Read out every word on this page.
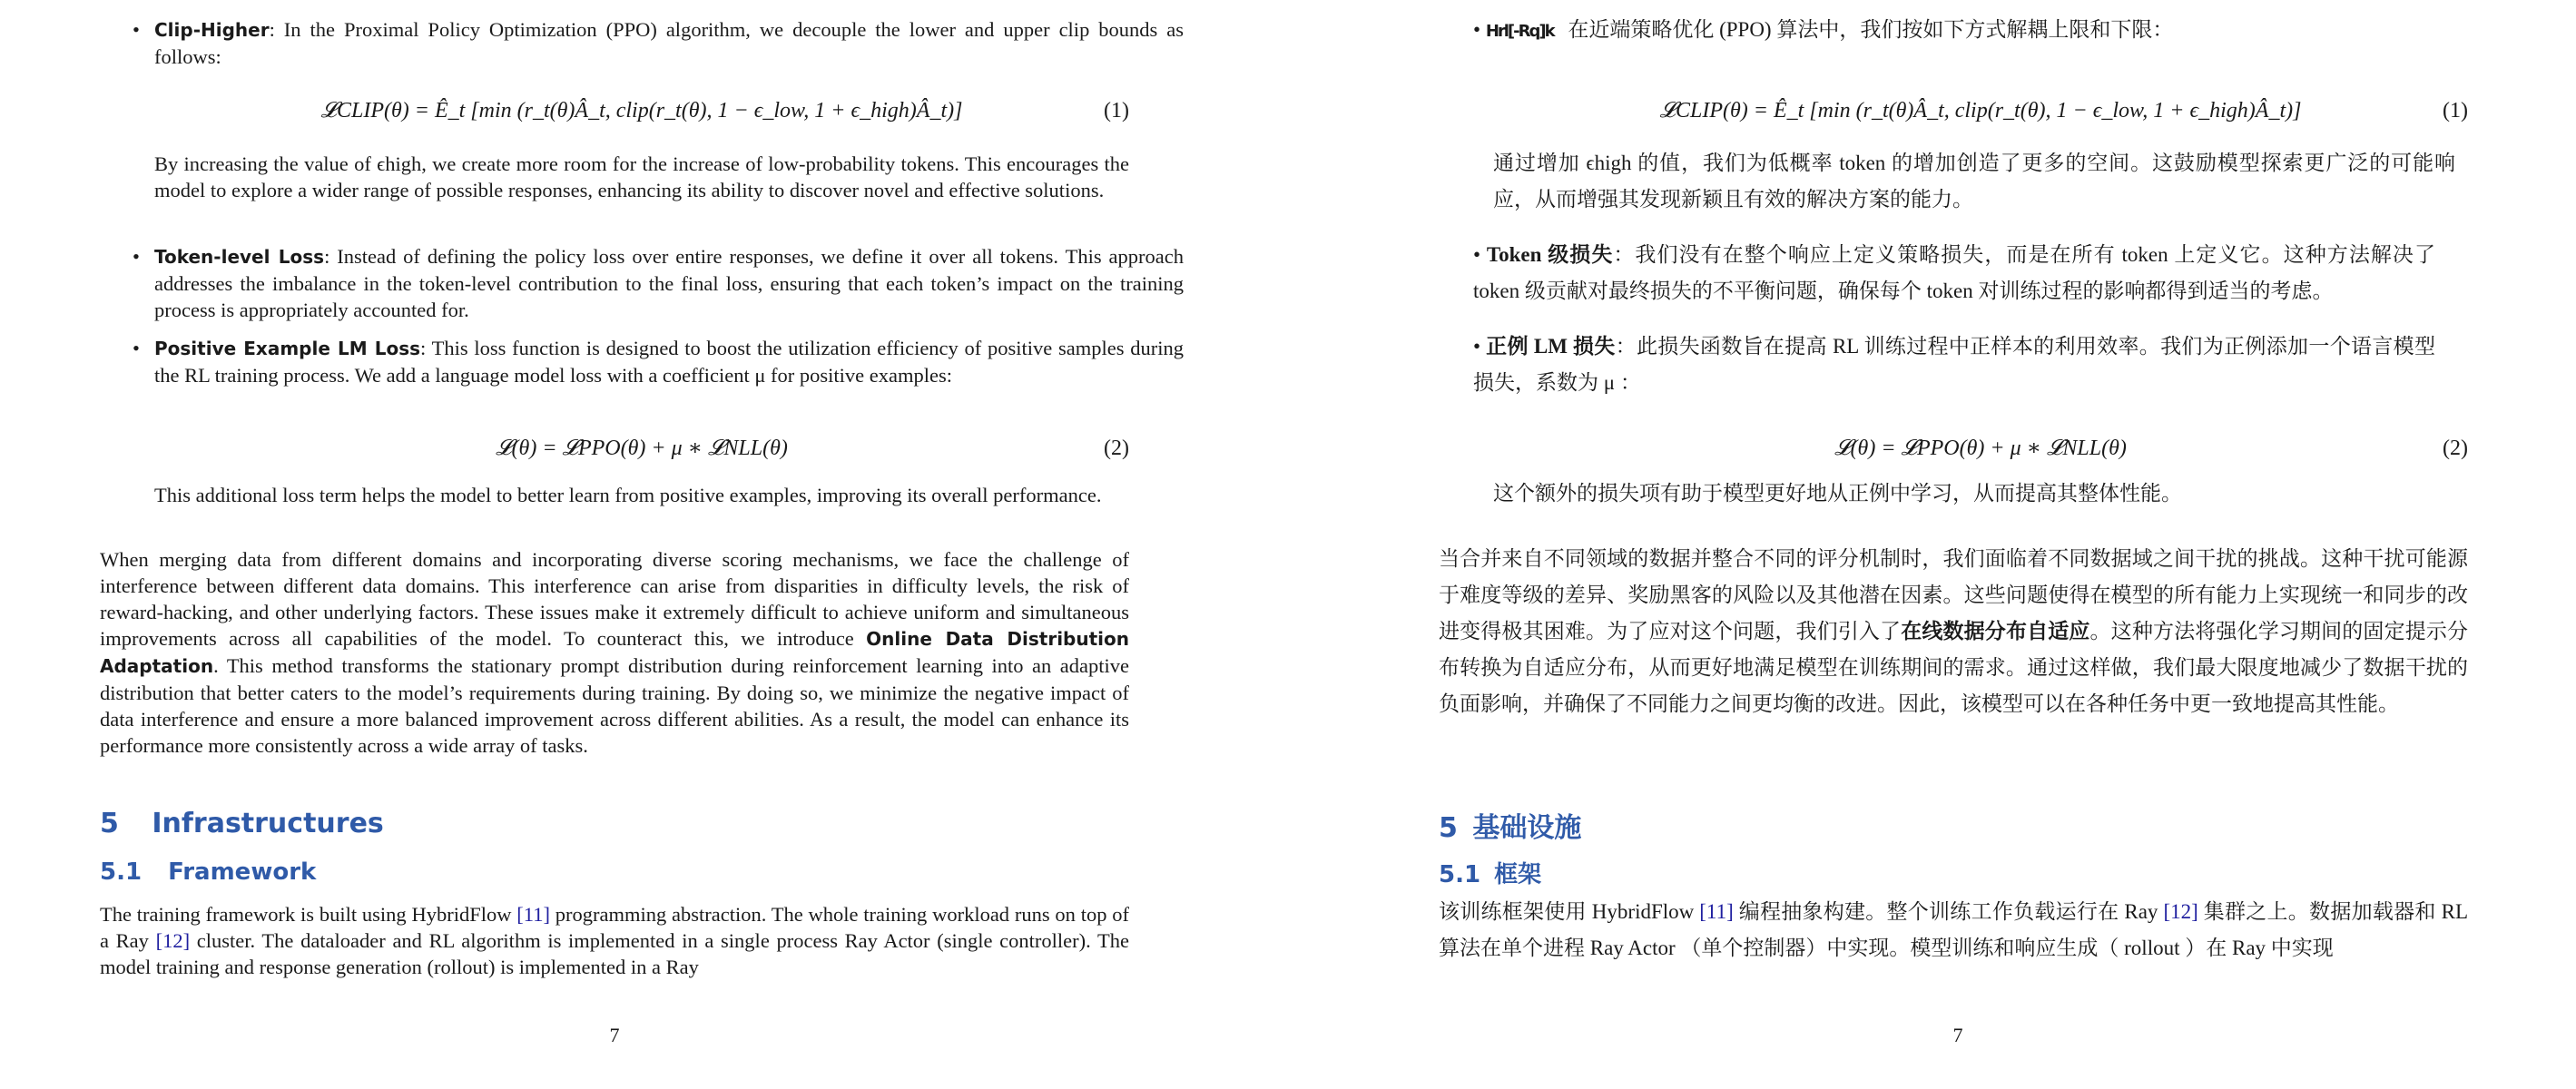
• Clip-Higher: In the Proximal Policy Optimization (PPO) algorithm, we decouple the lower and upper clip bounds as follows:
𝓛CLIP(θ) = Ê_t [min (r_t(θ)Â_t, clip(r_t(θ), 1 − ϵ_low, 1 + ϵ_high)Â_t)]	(1)

By increasing the value of ϵhigh, we create more room for the increase of low-probability tokens. This encourages the model to explore a wider range of possible responses, enhancing its ability to discover novel and effective solutions.

• Token-level Loss: Instead of defining the policy loss over entire responses, we define it over all tokens. This approach addresses the imbalance in the token-level contribution to the final loss, ensuring that each token’s impact on the training process is appropriately accounted for.
• Positive Example LM Loss: This loss function is designed to boost the utilization efficiency of positive samples during the RL training process. We add a language model loss with a coefficient μ for positive examples:
𝓛(θ) = 𝓛PPO(θ) + μ ∗ 𝓛NLL(θ)	(2)

This additional loss term helps the model to better learn from positive examples, improving its overall performance.

When merging data from different domains and incorporating diverse scoring mechanisms, we face the challenge of interference between different data domains. This interference can arise from disparities in difficulty levels, the risk of reward-hacking, and other underlying factors. These issues make it extremely difficult to achieve uniform and simultaneous improvements across all capabilities of the model. To counteract this, we introduce Online Data Distribution Adaptation. This method transforms the stationary prompt distribution during reinforcement learning into an adaptive distribution that better caters to the model’s requirements during training. By doing so, we minimize the negative impact of data interference and ensure a more balanced improvement across different abilities. As a result, the model can enhance its performance more consistently across a wide array of tasks.

5 Infrastructures
5.1 Framework

The training framework is built using HybridFlow [11] programming abstraction. The whole training workload runs on top of a Ray [12] cluster. The dataloader and RL algorithm is implemented in a single process Ray Actor (single controller). The model training and response generation (rollout) is implemented in a Ray

7
• Hrl[-Rq]k 在近端策略优化 (PPO) 算法中，我们按如下方式解耦上限和下限：
𝓛CLIP(θ) = Ê_t [min (r_t(θ)Â_t, clip(r_t(θ), 1 − ϵ_low, 1 + ϵ_high)Â_t)]	(1)

通过增加 ϵhigh 的值，我们为低概率 token 的增加创造了更多的空间。这鼓励模型探索更广泛的可能响应，从而增强其发现新颖且有效的解决方案的能力。

• Token 级损失：我们没有在整个响应上定义策略损失，而是在所有 token 上定义它。这种方法解决了 token 级贡献对最终损失的不平衡问题，确保每个 token 对训练过程的影响都得到适当的考虑。
• 正例 LM 损失：此损失函数旨在提高 RL 训练过程中正样本的利用效率。我们为正例添加一个语言模型损失，系数为 μ ：
𝓛(θ) = 𝓛PPO(θ) + μ ∗ 𝓛NLL(θ)	(2)

这个额外的损失项有助于模型更好地从正例中学习，从而提高其整体性能。

当合并来自不同领域的数据并整合不同的评分机制时，我们面临着不同数据域之间干扰的挑战。这种干扰可能源于难度等级的差异、奖励黑客的风险以及其他潜在因素。这些问题使得在模型的所有能力上实现统一和同步的改进变得极其困难。为了应对这个问题，我们引入了在线数据分布自适应。这种方法将强化学习期间的固定提示分布转换为自适应分布，从而更好地满足模型在训练期间的需求。通过这样做，我们最大限度地减少了数据干扰的负面影响，并确保了不同能力之间更均衡的改进。因此，该模型可以在各种任务中更一致地提高其性能。

5 基础设施
5.1 框架

该训练框架使用 HybridFlow [11] 编程抽象构建。整个训练工作负载运行在 Ray [12] 集群之上。数据加载器和 RL 算法在单个进程 Ray Actor （单个控制器）中实现。模型训练和响应生成（ rollout ）在 Ray 中实现

7
